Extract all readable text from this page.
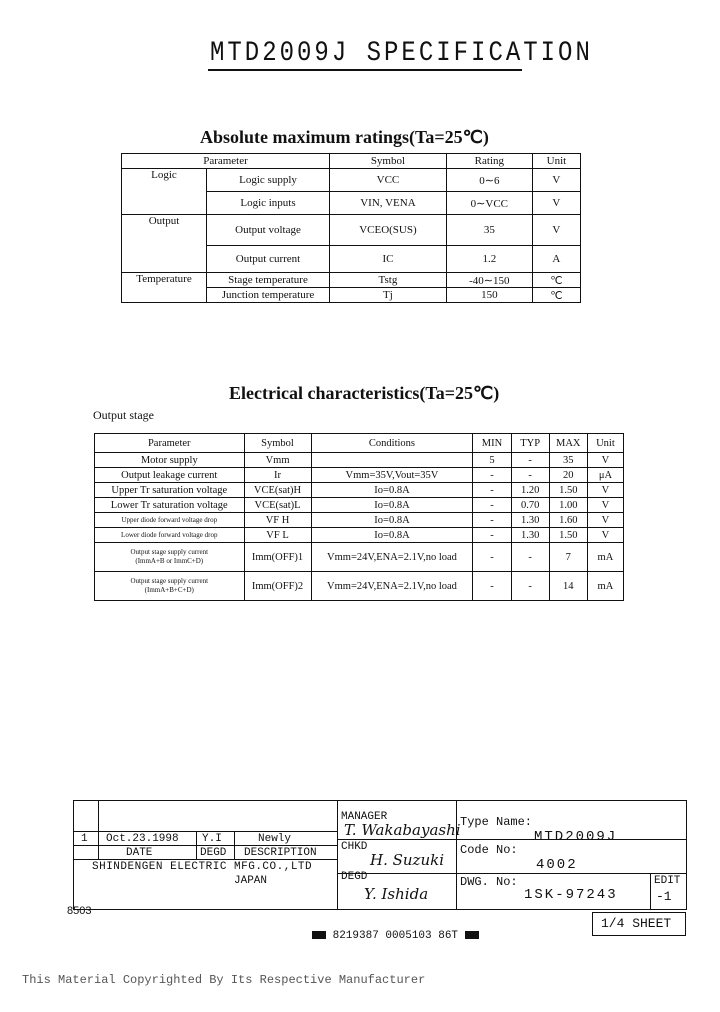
MTD2009J SPECIFICATION
Absolute maximum ratings(Ta=25℃)
Parameter		Symbol	Rating	Unit
Logic	Logic supply	VCC	0∼6	V
	Logic inputs	VIN, VENA	0∼VCC	V
Output	Output voltage	VCEO(SUS)	35	V
	Output current	IC	1.2	A
Temperature	Stage temperature	Tstg	-40∼150	℃
	Junction temperature	Tj	150	℃
Electrical characteristics(Ta=25℃)
Output stage
Parameter	Symbol	Conditions	MIN	TYP	MAX	Unit
Motor supply	Vmm		5	-	35	V
Output leakage current	Ir	Vmm=35V,Vout=35V	-	-	20	μA
Upper Tr saturation voltage	VCE(sat)H	Io=0.8A	-	1.20	1.50	V
Lower Tr saturation voltage	VCE(sat)L	Io=0.8A	-	0.70	1.00	V
Upper diode forward voltage drop	VF H	Io=0.8A	-	1.30	1.60	V
Lower diode forward voltage drop	VF L	Io=0.8A	-	1.30	1.50	V

Output stage supply current
(ImmA+B or ImmC+D)	Imm(OFF)1	Vmm=24V,ENA=2.1V,no load	-	-	7	mA

Output stage supply current
(ImmA+B+C+D)	Imm(OFF)2	Vmm=24V,ENA=2.1V,no load	-	-	14	mA
1 Oct.23.1998 Y.I	Newly
DATE	DEGD DESCRIPTION
SHINDENGEN ELECTRIC MFG.CO.,LTD
JAPAN
MANAGER
T. Wakabayashi
CHKD
H. Suzuki
DEGD
Y. Ishida
Type Name:
MTD2009J
Code No:
4002
DWG. No:
1SK-97243
EDIT
-1
1/4 SHEET
8503
8219387 0005103 86T
This Material Copyrighted By Its Respective Manufacturer
